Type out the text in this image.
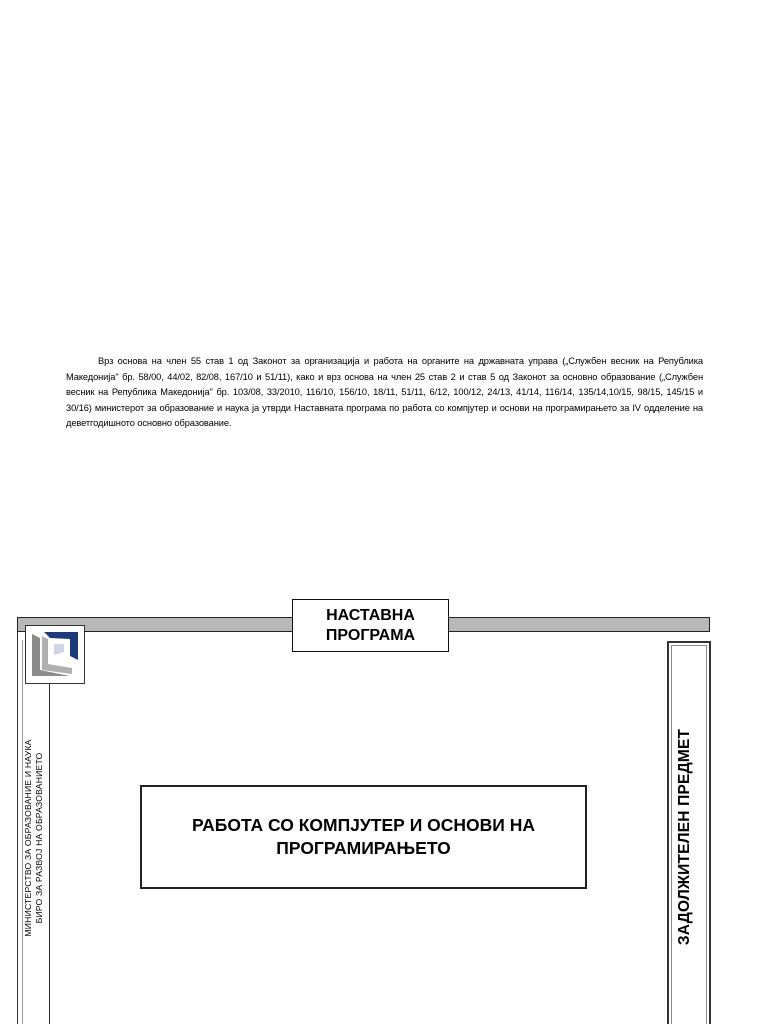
Врз основа на член 55 став 1 од Законот за организација и работа на органите на државната управа („Службен весник на Република Македонија" бр. 58/00, 44/02, 82/08, 167/10 и 51/11), како и врз основа на член 25 став 2 и став 5 од Законот за основно образование („Службен весник на Република Македонија" бр. 103/08, 33/2010, 116/10, 156/10, 18/11, 51/11, 6/12, 100/12, 24/13, 41/14, 116/14, 135/14,10/15, 98/15, 145/15 и 30/16) министерот за образование и наука ја утврди Наставната програма по работа со компјутер и основи на програмирањето за IV одделение на деветгодишното основно образование.

МИНИСТЕРСТВО ЗА ОБРАЗОВАНИЕ И НАУКА БИРО ЗА РАЗВОЈ НА ОБРАЗОВАНИЕТО
НАСТАВНА
ПРОГРАМА
ЗАДОЛЖИТЕЛЕН ПРЕДМЕТ
РАБОТА СО КОМПЈУТЕР И ОСНОВИ НА
ПРОГРАМИРАЊЕТО
